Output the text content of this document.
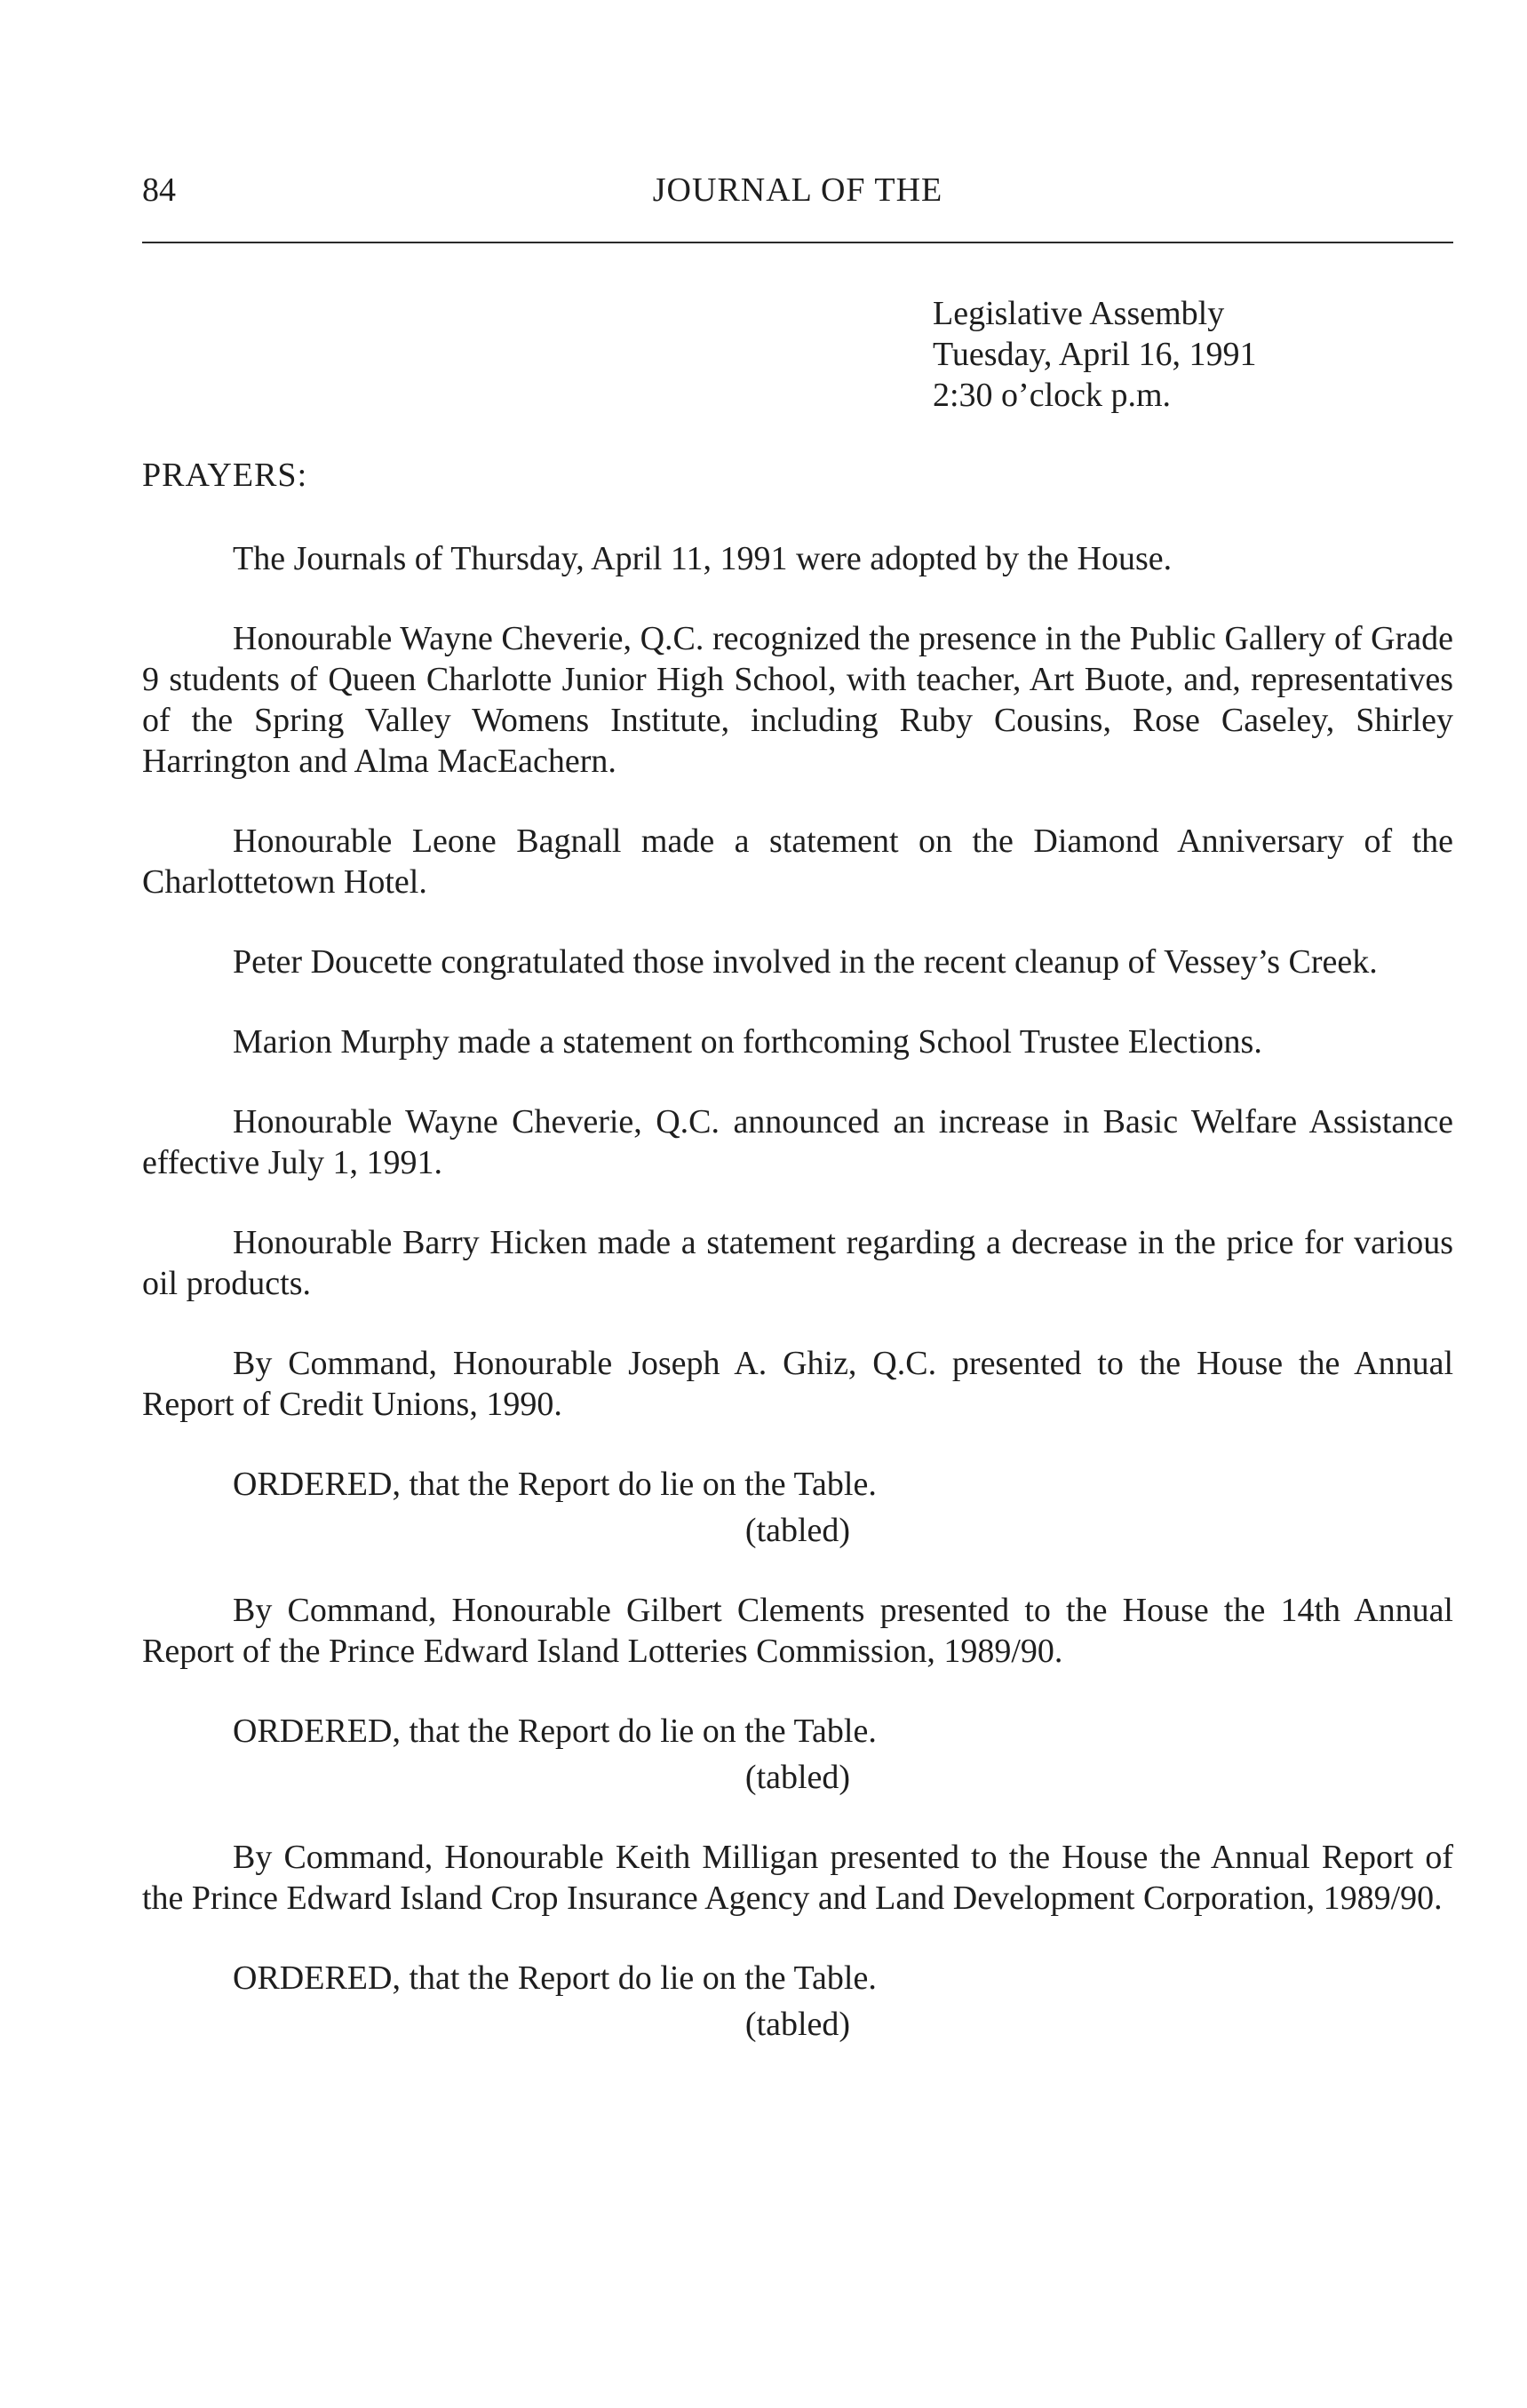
84	JOURNAL OF THE
Legislative Assembly
Tuesday, April 16, 1991
2:30 o’clock p.m.
PRAYERS:

The Journals of Thursday, April 11, 1991 were adopted by the House.

Honourable Wayne Cheverie, Q.C. recognized the presence in the Public Gallery of Grade 9 students of Queen Charlotte Junior High School, with teacher, Art Buote, and, representatives of the Spring Valley Womens Institute, including Ruby Cousins, Rose Caseley, Shirley Harrington and Alma MacEachern.

Honourable Leone Bagnall made a statement on the Diamond Anniversary of the Charlottetown Hotel.

Peter Doucette congratulated those involved in the recent cleanup of Vessey’s Creek.

Marion Murphy made a statement on forthcoming School Trustee Elections.

Honourable Wayne Cheverie, Q.C. announced an increase in Basic Welfare Assistance effective July 1, 1991.

Honourable Barry Hicken made a statement regarding a decrease in the price for various oil products.

By Command, Honourable Joseph A. Ghiz, Q.C. presented to the House the Annual Report of Credit Unions, 1990.

ORDERED, that the Report do lie on the Table.

(tabled)

By Command, Honourable Gilbert Clements presented to the House the 14th Annual Report of the Prince Edward Island Lotteries Commission, 1989/90.

ORDERED, that the Report do lie on the Table.

(tabled)

By Command, Honourable Keith Milligan presented to the House the Annual Report of the Prince Edward Island Crop Insurance Agency and Land Development Corporation, 1989/90.

ORDERED, that the Report do lie on the Table.

(tabled)
